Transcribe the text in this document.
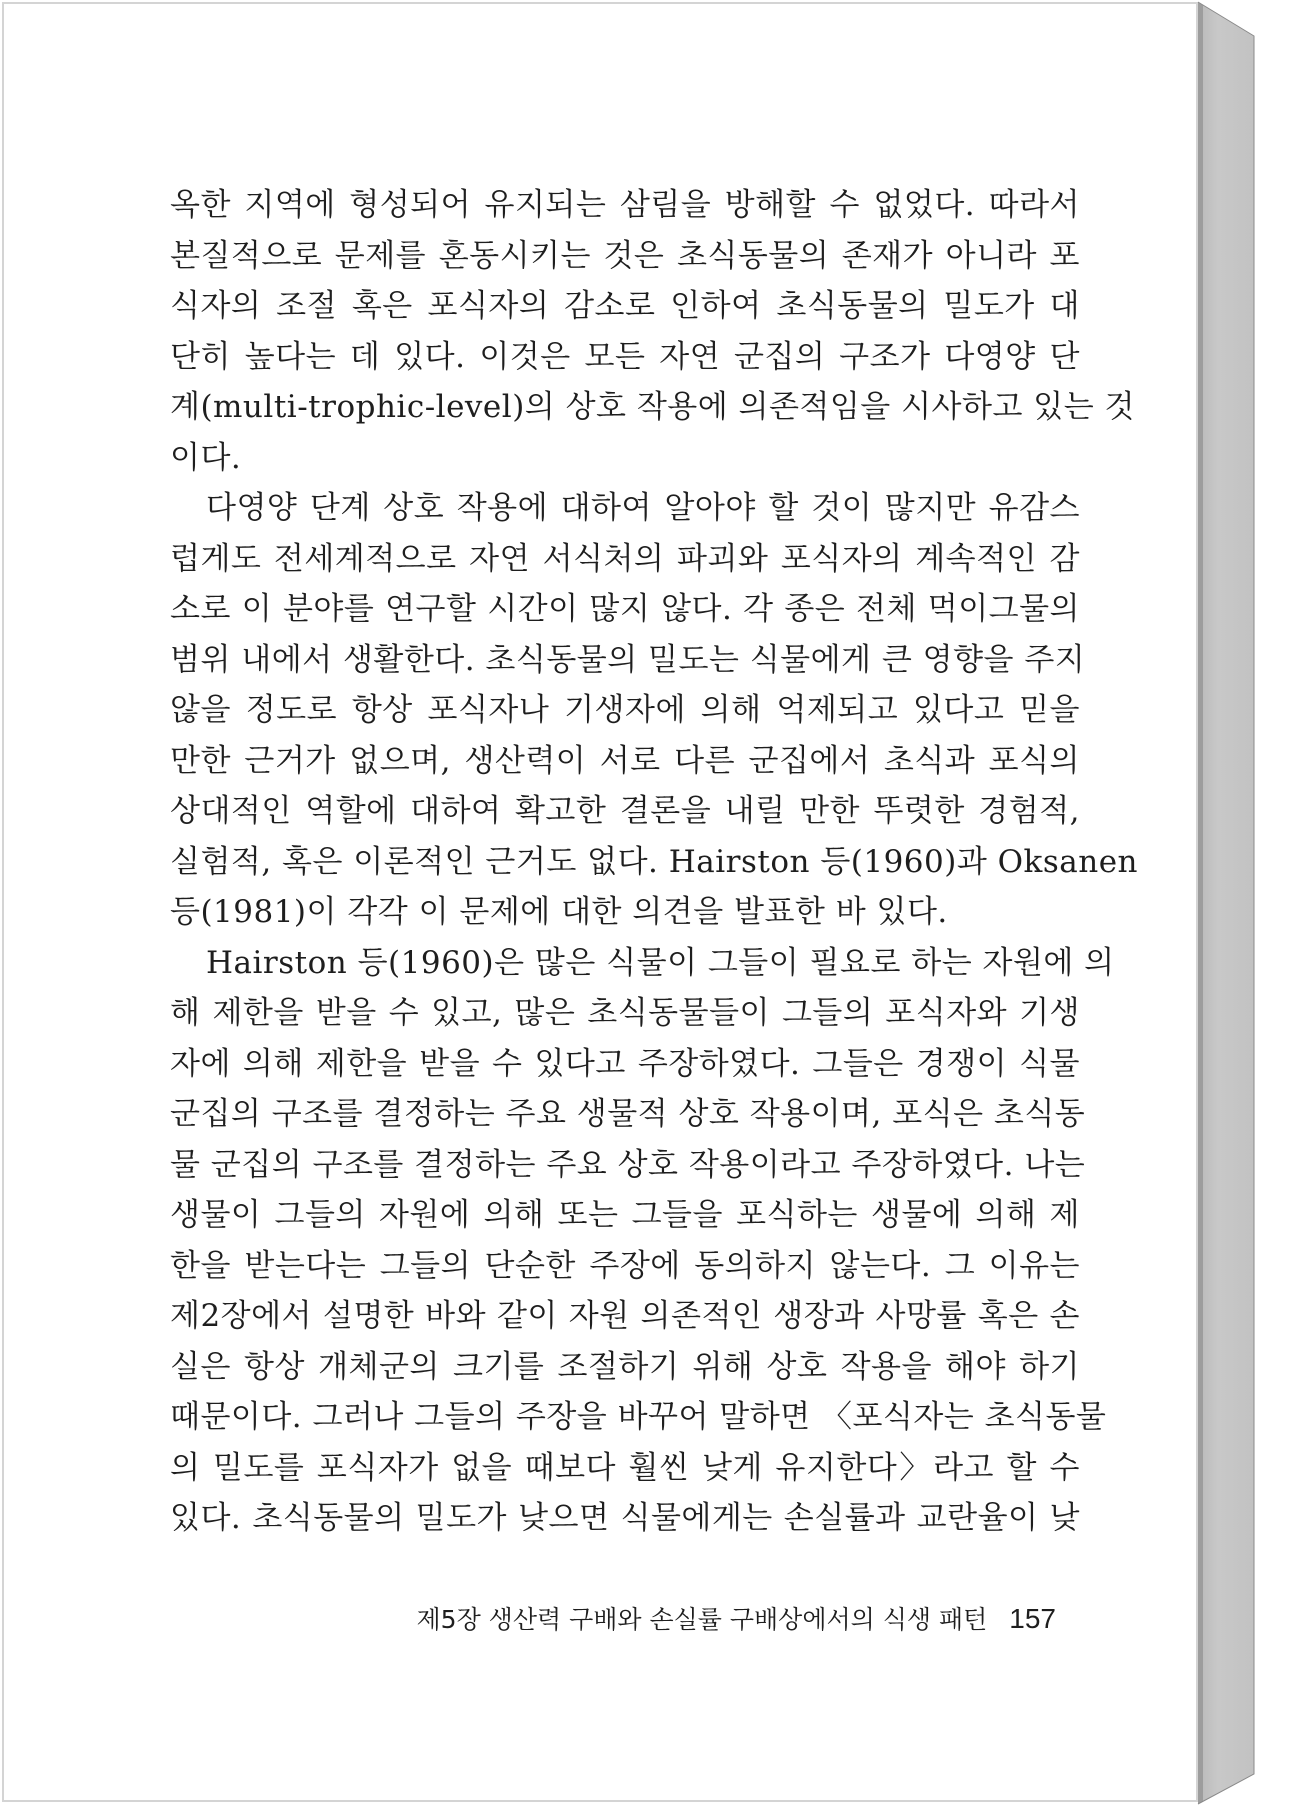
옥한 지역에 형성되어 유지되는 삼림을 방해할 수 없었다. 따라서
본질적으로 문제를 혼동시키는 것은 초식동물의 존재가 아니라 포
식자의 조절 혹은 포식자의 감소로 인하여 초식동물의 밀도가 대
단히 높다는 데 있다. 이것은 모든 자연 군집의 구조가 다영양 단
계(multi-trophic-level)의 상호 작용에 의존적임을 시사하고 있는 것
이다.
다영양 단계 상호 작용에 대하여 알아야 할 것이 많지만 유감스
럽게도 전세계적으로 자연 서식처의 파괴와 포식자의 계속적인 감
소로 이 분야를 연구할 시간이 많지 않다. 각 종은 전체 먹이그물의
범위 내에서 생활한다. 초식동물의 밀도는 식물에게 큰 영향을 주지
않을 정도로 항상 포식자나 기생자에 의해 억제되고 있다고 믿을
만한 근거가 없으며, 생산력이 서로 다른 군집에서 초식과 포식의
상대적인 역할에 대하여 확고한 결론을 내릴 만한 뚜렷한 경험적,
실험적, 혹은 이론적인 근거도 없다. Hairston 등(1960)과 Oksanen
등(1981)이 각각 이 문제에 대한 의견을 발표한 바 있다.
Hairston 등(1960)은 많은 식물이 그들이 필요로 하는 자원에 의
해 제한을 받을 수 있고, 많은 초식동물들이 그들의 포식자와 기생
자에 의해 제한을 받을 수 있다고 주장하였다. 그들은 경쟁이 식물
군집의 구조를 결정하는 주요 생물적 상호 작용이며, 포식은 초식동
물 군집의 구조를 결정하는 주요 상호 작용이라고 주장하였다. 나는
생물이 그들의 자원에 의해 또는 그들을 포식하는 생물에 의해 제
한을 받는다는 그들의 단순한 주장에 동의하지 않는다. 그 이유는
제2장에서 설명한 바와 같이 자원 의존적인 생장과 사망률 혹은 손
실은 항상 개체군의 크기를 조절하기 위해 상호 작용을 해야 하기
때문이다. 그러나 그들의 주장을 바꾸어 말하면 〈포식자는 초식동물
의 밀도를 포식자가 없을 때보다 훨씬 낮게 유지한다〉라고 할 수
있다. 초식동물의 밀도가 낮으면 식물에게는 손실률과 교란율이 낮
제5장 생산력 구배와 손실률 구배상에서의 식생 패턴 157
